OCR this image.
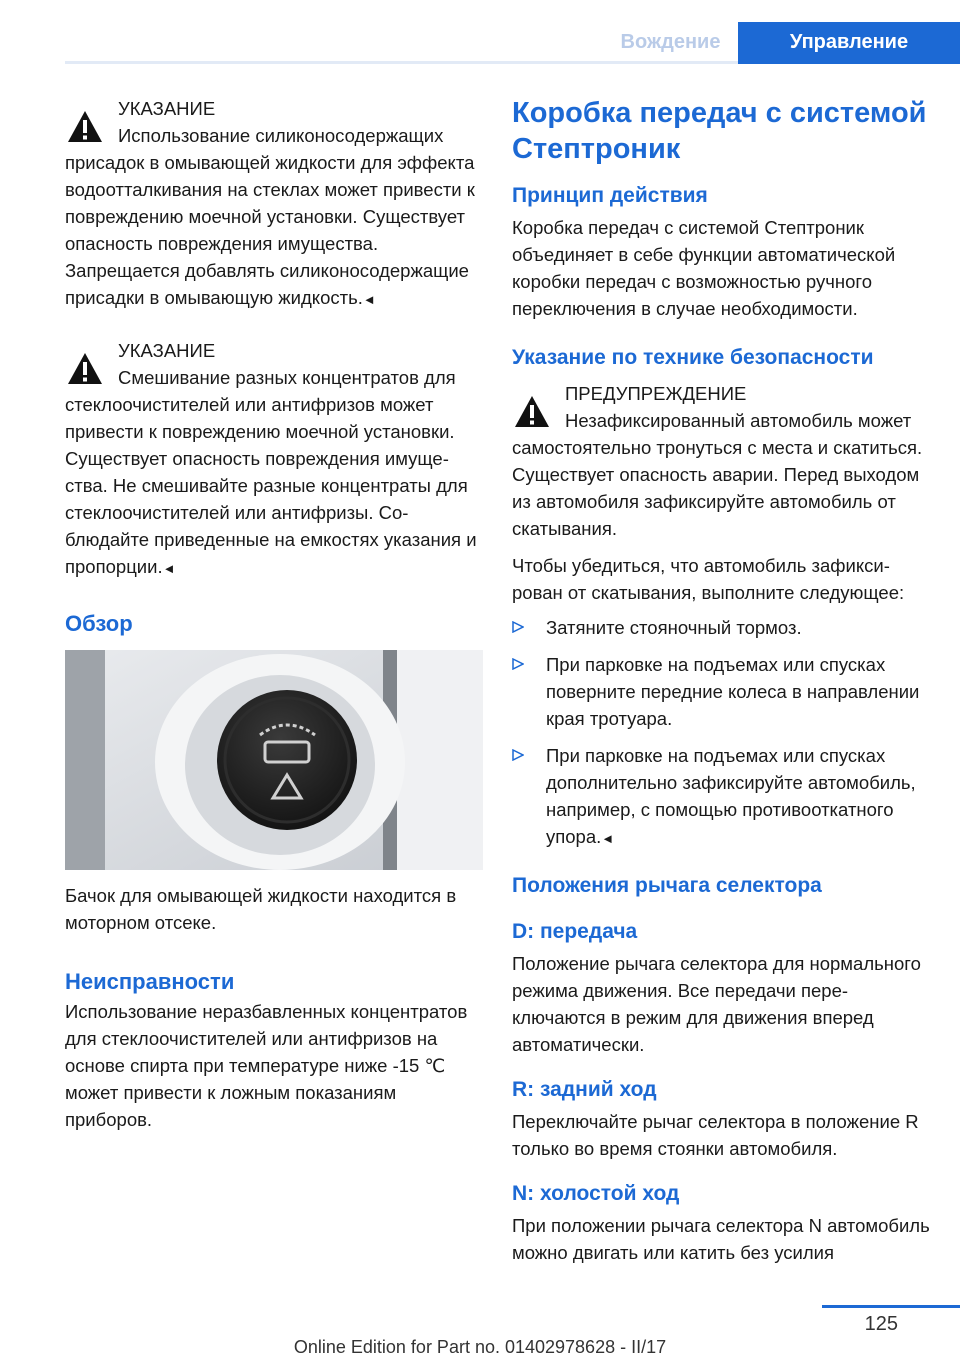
Вождение	Управление

УКАЗАНИЕ

Использование силиконосодержащих присадок в омывающей жидкости для эффекта водоотталкивания на стеклах может привести к повреждению моечной установки. Существует опасность повреждения имущества. Запрещается добавлять силиконосодержащие присадки в омывающую жидкость.◄

УКАЗАНИЕ

Смешивание разных концентратов для стеклоочистителей или антифризов может привести к повреждению моечной установки. Существует опасность повреждения имущества. Не смешивайте разные концентраты для стеклоочистителей или антифризы. Соблюдайте приведенные на емкостях указания и пропорции.◄

Обзор

Бачок для омывающей жидкости находится в моторном отсеке.

Неисправности

Использование неразбавленных концентратов для стеклоочистителей или антифризов на основе спирта при температуре ниже -15 ℃ может привести к ложным показаниям приборов.

Коробка передач с системой Стептроник
Принцип действия

Коробка передач с системой Стептроник объединяет в себе функции автоматической коробки передач с возможностью ручного переключения в случае необходимости.

Указание по технике безопасности

ПРЕДУПРЕЖДЕНИЕ

Незафиксированный автомобиль может самостоятельно тронуться с места и скатиться. Существует опасность аварии. Перед выходом из автомобиля зафиксируйте автомобиль от скатывания.

Чтобы убедиться, что автомобиль зафиксирован от скатывания, выполните следующее:

Затяните стояночный тормоз.
При парковке на подъемах или спусках поверните передние колеса в направлении края тротуара.
При парковке на подъемах или спусках дополнительно зафиксируйте автомобиль, например, с помощью противооткатного упора.◄
Положения рычага селектора
D: передача

Положение рычага селектора для нормального режима движения. Все передачи переключаются в режим для движения вперед автоматически.

R: задний ход

Переключайте рычаг селектора в положение R только во время стоянки автомобиля.

N: холостой ход

При положении рычага селектора N автомобиль можно двигать или катить без усилия

125
Online Edition for Part no. 01402978628 - II/17
